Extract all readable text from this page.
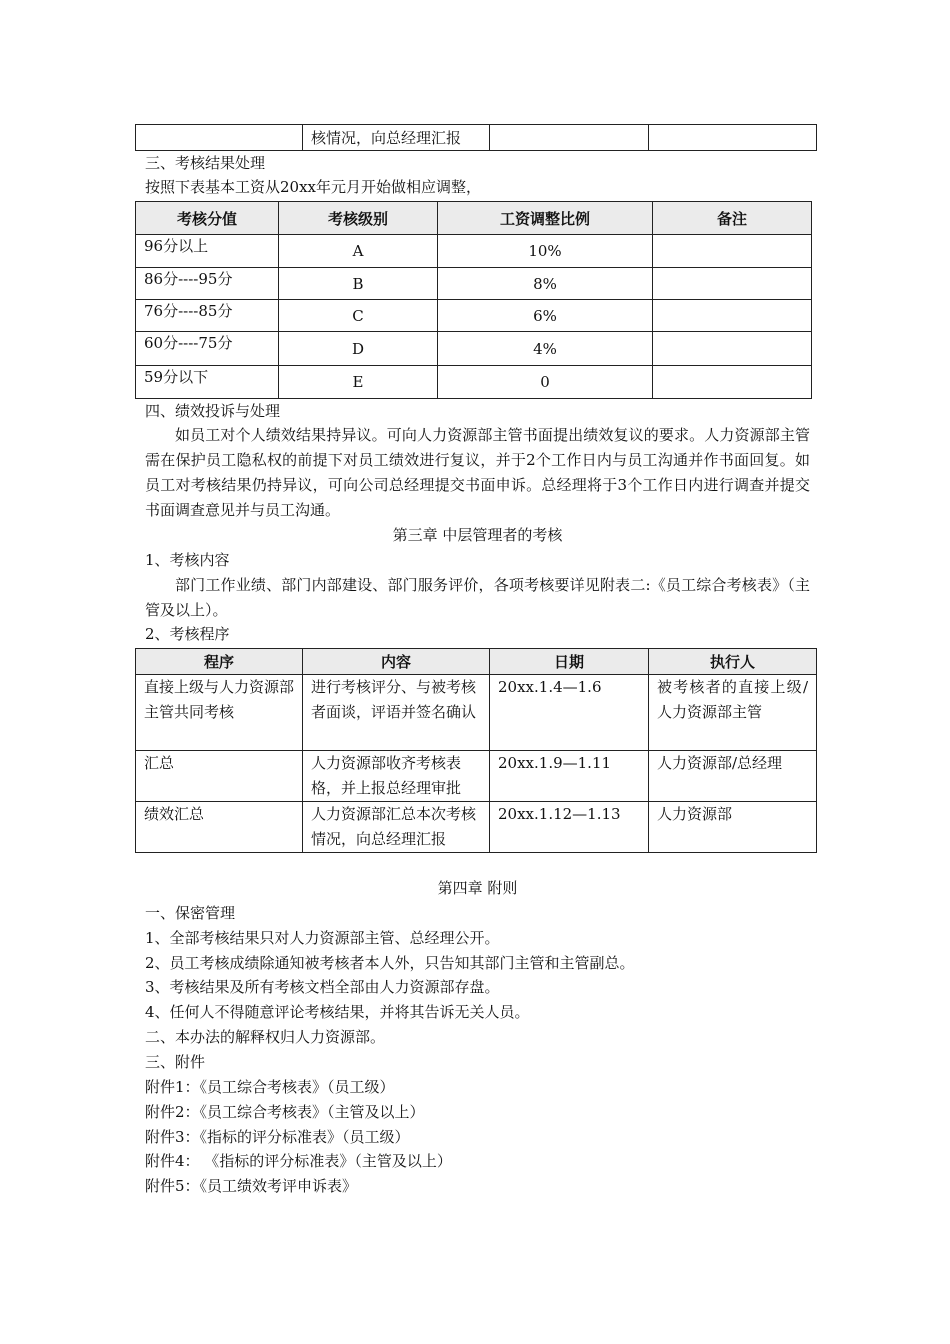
	核情况，向总经理汇报		
三、考核结果处理
按照下表基本工资从20xx年元月开始做相应调整，
考核分值	考核级别	工资调整比例	备注
96分以上	A	10%	
86分----95分	B	8%	
76分----85分	C	6%	
60分----75分	D	4%	
59分以下	E	0	
四、绩效投诉与处理
如员工对个人绩效结果持异议。可向人力资源部主管书面提出绩效复议的要求。人力资源部主管需在保护员工隐私权的前提下对员工绩效进行复议，并于2个工作日内与员工沟通并作书面回复。如员工对考核结果仍持异议，可向公司总经理提交书面申诉。总经理将于3个工作日内进行调查并提交书面调查意见并与员工沟通。
第三章 中层管理者的考核
1、考核内容
部门工作业绩、部门内部建设、部门服务评价，各项考核要详见附表二:《员工综合考核表》（主管及以上）。
2、考核程序
程序	内容	日期	执行人
直接上级与人力资源部主管共同考核	进行考核评分、与被考核者面谈，评语并签名确认	20xx.1.4—1.6	被考核者的直接上级/人力资源部主管
汇总	人力资源部收齐考核表格，并上报总经理审批	20xx.1.9—1.11	人力资源部/总经理
绩效汇总	人力资源部汇总本次考核情况，向总经理汇报	20xx.1.12—1.13	人力资源部
第四章 附则
一、保密管理
1、全部考核结果只对人力资源部主管、总经理公开。
2、员工考核成绩除通知被考核者本人外，只告知其部门主管和主管副总。
3、考核结果及所有考核文档全部由人力资源部存盘。
4、任何人不得随意评论考核结果，并将其告诉无关人员。
二、本办法的解释权归人力资源部。
三、附件
附件1：《员工综合考核表》（员工级）
附件2：《员工综合考核表》（主管及以上）
附件3：《指标的评分标准表》（员工级）
附件4： 《指标的评分标准表》（主管及以上）
附件5：《员工绩效考评申诉表》
